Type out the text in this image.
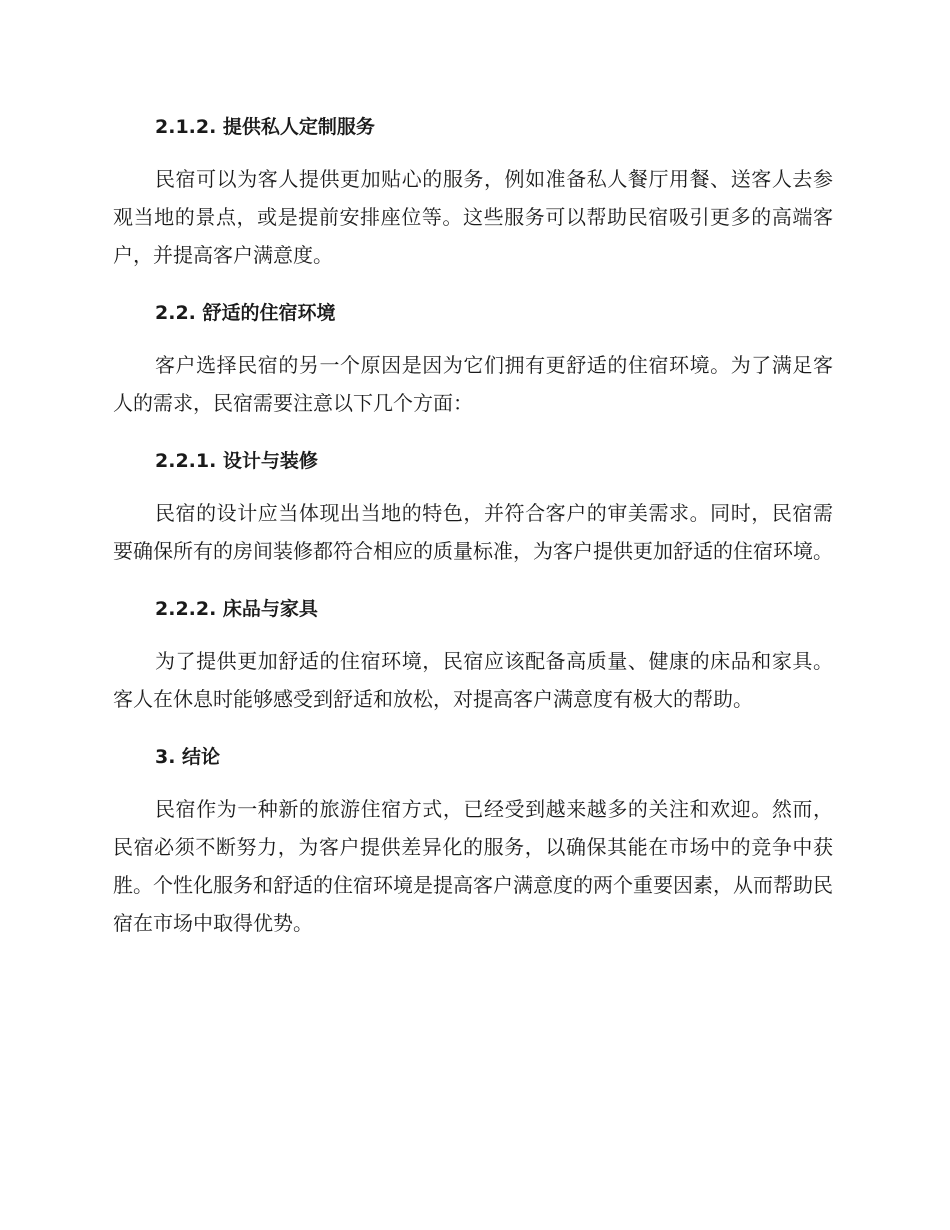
2.1.2. 提供私人定制服务

民宿可以为客人提供更加贴心的服务，例如准备私人餐厅用餐、送客人去参观当地的景点，或是提前安排座位等。这些服务可以帮助民宿吸引更多的高端客户，并提高客户满意度。

2.2. 舒适的住宿环境

客户选择民宿的另一个原因是因为它们拥有更舒适的住宿环境。为了满足客人的需求，民宿需要注意以下几个方面：

2.2.1. 设计与装修

民宿的设计应当体现出当地的特色，并符合客户的审美需求。同时，民宿需要确保所有的房间装修都符合相应的质量标准，为客户提供更加舒适的住宿环境。

2.2.2. 床品与家具

为了提供更加舒适的住宿环境，民宿应该配备高质量、健康的床品和家具。客人在休息时能够感受到舒适和放松，对提高客户满意度有极大的帮助。

3. 结论

民宿作为一种新的旅游住宿方式，已经受到越来越多的关注和欢迎。然而，民宿必须不断努力，为客户提供差异化的服务，以确保其能在市场中的竞争中获胜。个性化服务和舒适的住宿环境是提高客户满意度的两个重要因素，从而帮助民宿在市场中取得优势。
